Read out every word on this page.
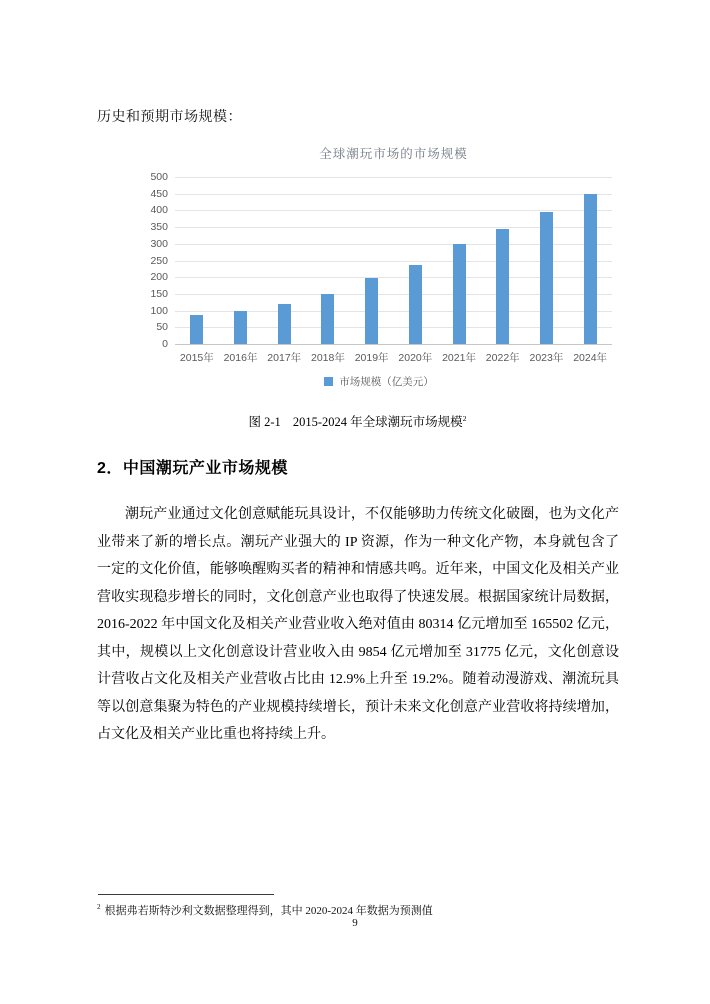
历史和预期市场规模：
全球潮玩市场的市场规模
2015年 2016年 2017年 2018年 2019年 2020年 2021年 2022年 2023年 2024年
市场规模（亿美元）
0
50
100
150
200
250
300
350
400
450
500
图 2-1 2015-2024 年全球潮玩市场规模$^2$
2．中国潮玩产业市场规模
潮玩产业通过文化创意赋能玩具设计，不仅能够助力传统文化破圈，也为文化产
业带来了新的增长点。潮玩产业强大的 IP 资源，作为一种文化产物，本身就包含了
一定的文化价值，能够唤醒购买者的精神和情感共鸣。近年来，中国文化及相关产业
营收实现稳步增长的同时，文化创意产业也取得了快速发展。根据国家统计局数据，
2016-2022 年中国文化及相关产业营业收入绝对值由 80314 亿元增加至 165502 亿元，
其中，规模以上文化创意设计营业收入由 9854 亿元增加至 31775 亿元，文化创意设
计营收占文化及相关产业营收占比由 12.9%上升至 19.2%。随着动漫游戏、潮流玩具
等以创意集聚为特色的产业规模持续增长，预计未来文化创意产业营收将持续增加，
占文化及相关产业比重也将持续上升。
$^2$ 根据弗若斯特沙利文数据整理得到，其中 2020-2024 年数据为预测值
9
